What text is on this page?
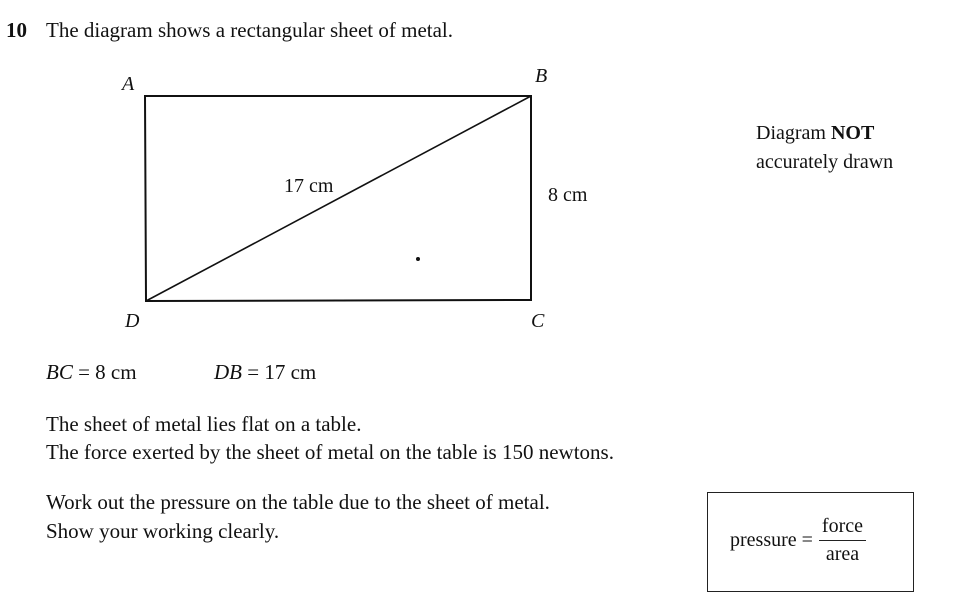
10 The diagram shows a rectangular sheet of metal.
A	B
C
D
17 cm	8 cm
Diagram NOT
accurately drawn
BC = 8 cm	DB = 17 cm
The sheet of metal lies flat on a table.
The force exerted by the sheet of metal on the table is 150 newtons.
Work out the pressure on the table due to the sheet of metal.
Show your working clearly.	pressure = $\frac{\text{force}}{\text{area}}$
